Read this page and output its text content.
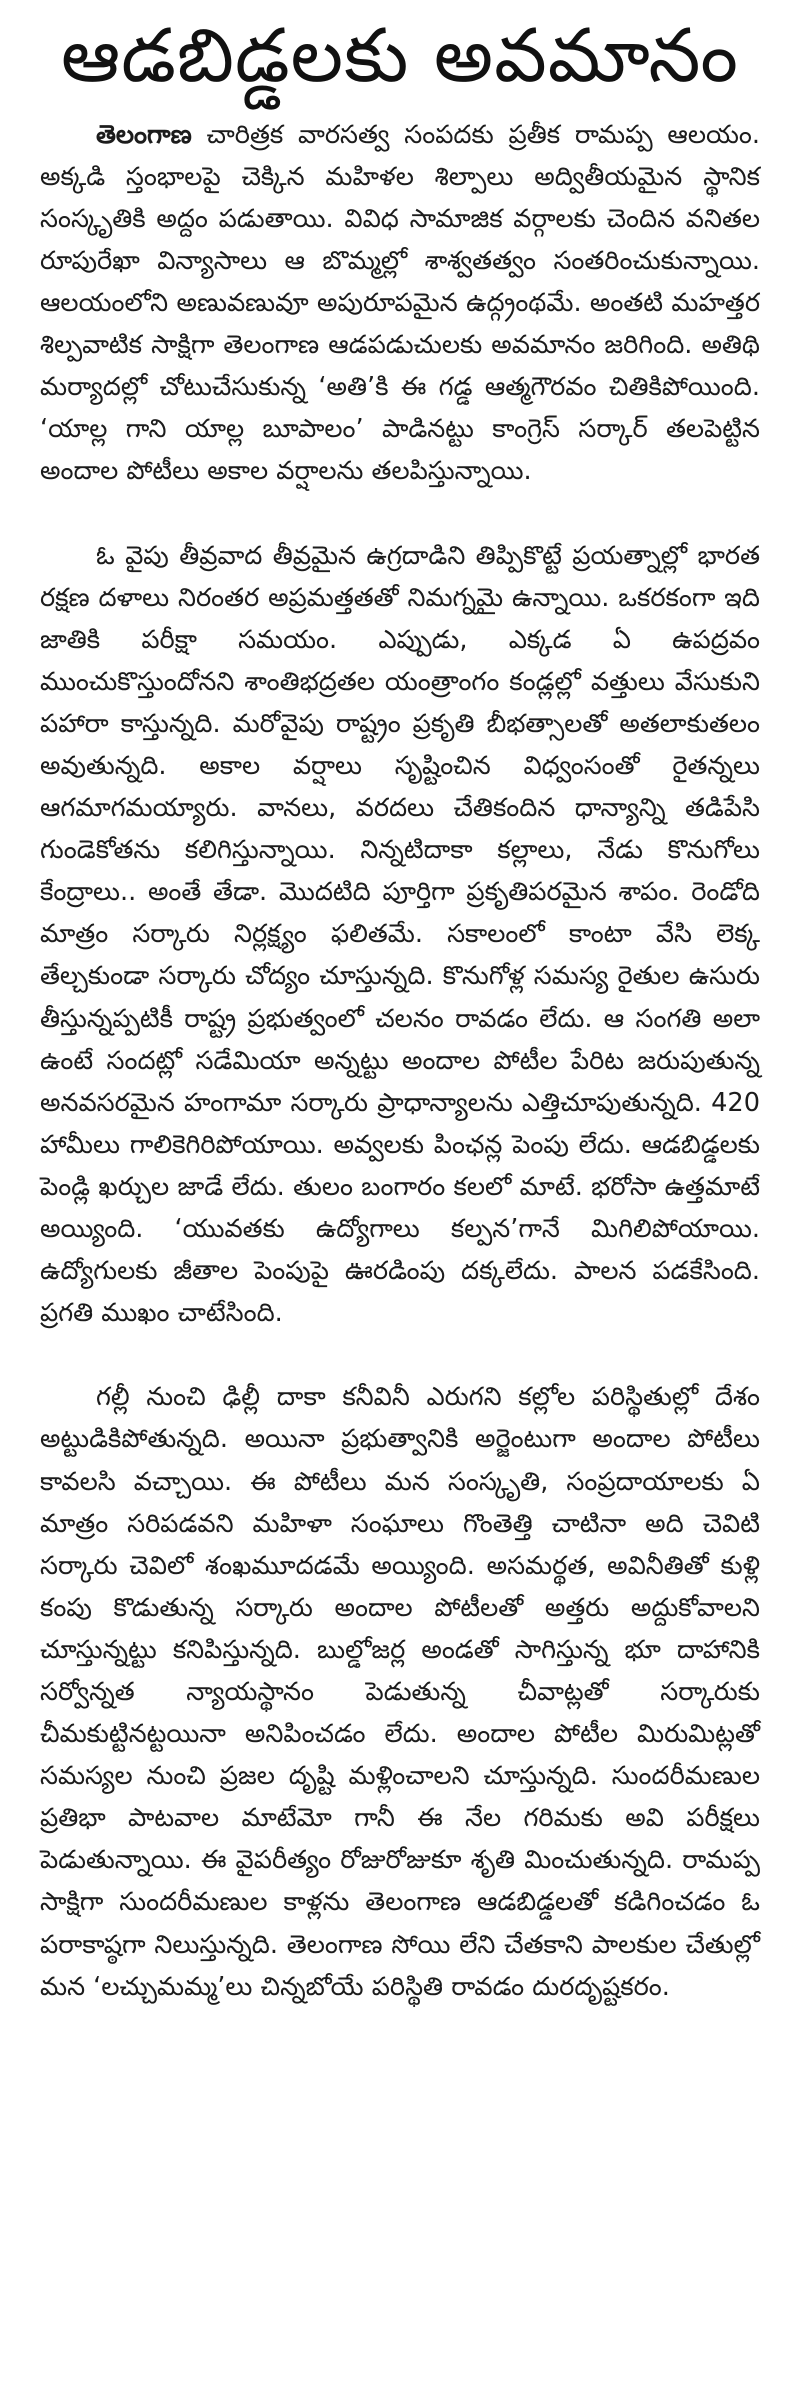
ఆడబిడ్డలకు అవమానం

తెలంగాణ చారిత్రక వారసత్వ సంపదకు ప్రతీక రామప్ప ఆలయం. అక్కడి స్తంభాలపై చెక్కిన మహిళల శిల్పాలు అద్వితీయమైన స్థానిక సంస్కృతికి అద్దం పడుతాయి. వివిధ సామాజిక వర్గాలకు చెందిన వనితల రూపురేఖా విన్యాసాలు ఆ బొమ్మల్లో శాశ్వతత్వం సంతరించుకున్నాయి. ఆలయంలోని అణువణువూ అపురూపమైన ఉద్గ్రంథమే. అంతటి మహత్తర శిల్పవాటిక సాక్షిగా తెలంగాణ ఆడపడుచులకు అవమానం జరిగింది. అతిథి మర్యాదల్లో చోటుచేసుకున్న ‘అతి’కి ఈ గడ్డ ఆత్మగౌరవం చితికిపోయింది. ‘యాల్ల గాని యాల్ల బూపాలం’ పాడినట్టు కాంగ్రెస్ సర్కార్ తలపెట్టిన అందాల పోటీలు అకాల వర్షాలను తలపిస్తున్నాయి.

ఓ వైపు తీవ్రవాద తీవ్రమైన ఉగ్రదాడిని తిప్పికొట్టే ప్రయత్నాల్లో భారత రక్షణ దళాలు నిరంతర అప్రమత్తతతో నిమగ్నమై ఉన్నాయి. ఒకరకంగా ఇది జాతికి పరీక్షా సమయం. ఎప్పుడు, ఎక్కడ ఏ ఉపద్రవం ముంచుకొస్తుందోనని శాంతిభద్రతల యంత్రాంగం కండ్లల్లో వత్తులు వేసుకుని పహారా కాస్తున్నది. మరోవైపు రాష్ట్రం ప్రకృతి బీభత్సాలతో అతలాకుతలం అవుతున్నది. అకాల వర్షాలు సృష్టించిన విధ్వంసంతో రైతన్నలు ఆగమాగమయ్యారు. వానలు, వరదలు చేతికందిన ధాన్యాన్ని తడిపేసి గుండెకోతను కలిగిస్తున్నాయి. నిన్నటిదాకా కల్లాలు, నేడు కొనుగోలు కేంద్రాలు.. అంతే తేడా. మొదటిది పూర్తిగా ప్రకృతిపరమైన శాపం. రెండోది మాత్రం సర్కారు నిర్లక్ష్యం ఫలితమే. సకాలంలో కాంటా వేసి లెక్క తేల్చకుండా సర్కారు చోద్యం చూస్తున్నది. కొనుగోళ్ల సమస్య రైతుల ఉసురు తీస్తున్నప్పటికీ రాష్ట్ర ప్రభుత్వంలో చలనం రావడం లేదు. ఆ సంగతి అలా ఉంటే సందట్లో సడేమియా అన్నట్టు అందాల పోటీల పేరిట జరుపుతున్న అనవసరమైన హంగామా సర్కారు ప్రాధాన్యాలను ఎత్తిచూపుతున్నది. 420 హామీలు గాలికెగిరిపోయాయి. అవ్వలకు పింఛన్ల పెంపు లేదు. ఆడబిడ్డలకు పెండ్లి ఖర్చుల జాడే లేదు. తులం బంగారం కలలో మాటే. భరోసా ఉత్తమాటే అయ్యింది. ‘యువతకు ఉద్యోగాలు కల్పన’గానే మిగిలిపోయాయి. ఉద్యోగులకు జీతాల పెంపుపై ఊరడింపు దక్కలేదు. పాలన పడకేసింది. ప్రగతి ముఖం చాటేసింది.

గల్లీ నుంచి ఢిల్లీ దాకా కనీవినీ ఎరుగని కల్లోల పరిస్థితుల్లో దేశం అట్టుడికిపోతున్నది. అయినా ప్రభుత్వానికి అర్జెంటుగా అందాల పోటీలు కావలసి వచ్చాయి. ఈ పోటీలు మన సంస్కృతి, సంప్రదాయాలకు ఏ మాత్రం సరిపడవని మహిళా సంఘాలు గొంతెత్తి చాటినా అది చెవిటి సర్కారు చెవిలో శంఖమూదడమే అయ్యింది. అసమర్థత, అవినీతితో కుళ్లి కంపు కొడుతున్న సర్కారు అందాల పోటీలతో అత్తరు అద్దుకోవాలని చూస్తున్నట్టు కనిపిస్తున్నది. బుల్డోజర్ల అండతో సాగిస్తున్న భూ దాహానికి సర్వోన్నత న్యాయస్థానం పెడుతున్న చీవాట్లతో సర్కారుకు చీమకుట్టినట్టయినా అనిపించడం లేదు. అందాల పోటీల మిరుమిట్లతో సమస్యల నుంచి ప్రజల దృష్టి మళ్లించాలని చూస్తున్నది. సుందరీమణుల ప్రతిభా పాటవాల మాటేమో గానీ ఈ నేల గరిమకు అవి పరీక్షలు పెడుతున్నాయి. ఈ వైపరీత్యం రోజురోజుకూ శృతి మించుతున్నది. రామప్ప సాక్షిగా సుందరీమణుల కాళ్లను తెలంగాణ ఆడబిడ్డలతో కడిగించడం ఓ పరాకాష్ఠగా నిలుస్తున్నది. తెలంగాణ సోయి లేని చేతకాని పాలకుల చేతుల్లో మన ‘లచ్చుమమ్మ’లు చిన్నబోయే పరిస్థితి రావడం దురదృష్టకరం.
